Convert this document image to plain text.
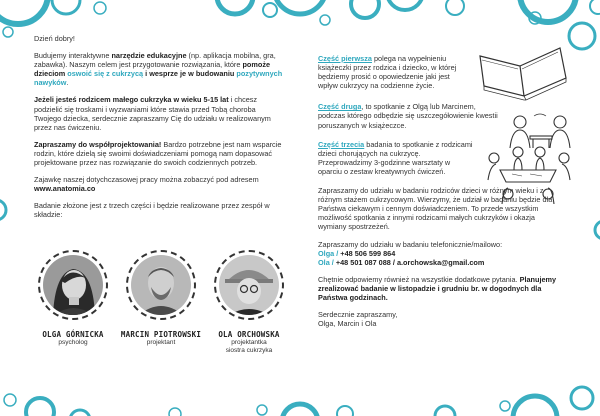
Dzień dobry!

Budujemy interaktywne narzędzie edukacyjne (np. aplikacja mobilna, gra, zabawka). Naszym celem jest przygotowanie rozwiązania, które pomoże dzieciom oswoić się z cukrzycą i wesprze je w budowaniu pozytywnych nawyków.

Jeżeli jesteś rodzicem małego cukrzyka w wieku 5-15 lat i chcesz podzielić się troskami i wyzwaniami które stawia przed Tobą choroba Twojego dziecka, serdecznie zapraszamy Cię do udziału w realizowanym przez nas ćwiczeniu.

Zapraszamy do współprojektowania! Bardzo potrzebne jest nam wsparcie rodzin, które dzielą się swoimi doświadczeniami pomogą nam dopasować projektowane przez nas rozwiązanie do swoich codziennych potrzeb.

Zajawkę naszej dotychczasowej pracy można zobaczyć pod adresem www.anatomia.co

Badanie złożone jest z trzech części i będzie realizowane przez zespół w składzie:

OLGA GÓRNICKA
psycholog
MARCIN PIOTROWSKI
projektant
OLA ORCHOWSKA
projektantka
siostra cukrzyka

Część pierwsza polega na wypełnieniu książeczki przez rodzica i dziecko, w której będziemy prosić o opowiedzenie jaki jest wpływ cukrzycy na codzienne życie.

Część druga, to spotkanie z Olgą lub Marcinem, podczas którego odbędzie się uszczegółowienie kwestii poruszanych w książeczce.

Część trzecia badania to spotkanie z rodzicami dzieci chorujących na cukrzycę. Przeprowadzimy 3-godzinne warsztaty w oparciu o zestaw kreatywnych ćwiczeń.

Zapraszamy do udziału w badaniu rodziców dzieci w różnym wieku i z różnym stażem cukrzycowym. Wierzymy, że udział w badaniu będzie dla Państwa ciekawym i cennym doświadczeniem. To przede wszystkim możliwość spotkania z innymi rodzicami małych cukrzyków i okazja wymiany spostrzeżeń.

Zapraszamy do udziału w badaniu telefonicznie/mailowo:
Olga / +48 506 599 864
Ola / +48 501 087 088 / a.orchowska@gmail.com

Chętnie odpowiemy również na wszystkie dodatkowe pytania. Planujemy zrealizować badanie w listopadzie i grudniu br. w dogodnych dla Państwa godzinach.

Serdecznie zapraszamy,
Olga, Marcin i Ola
